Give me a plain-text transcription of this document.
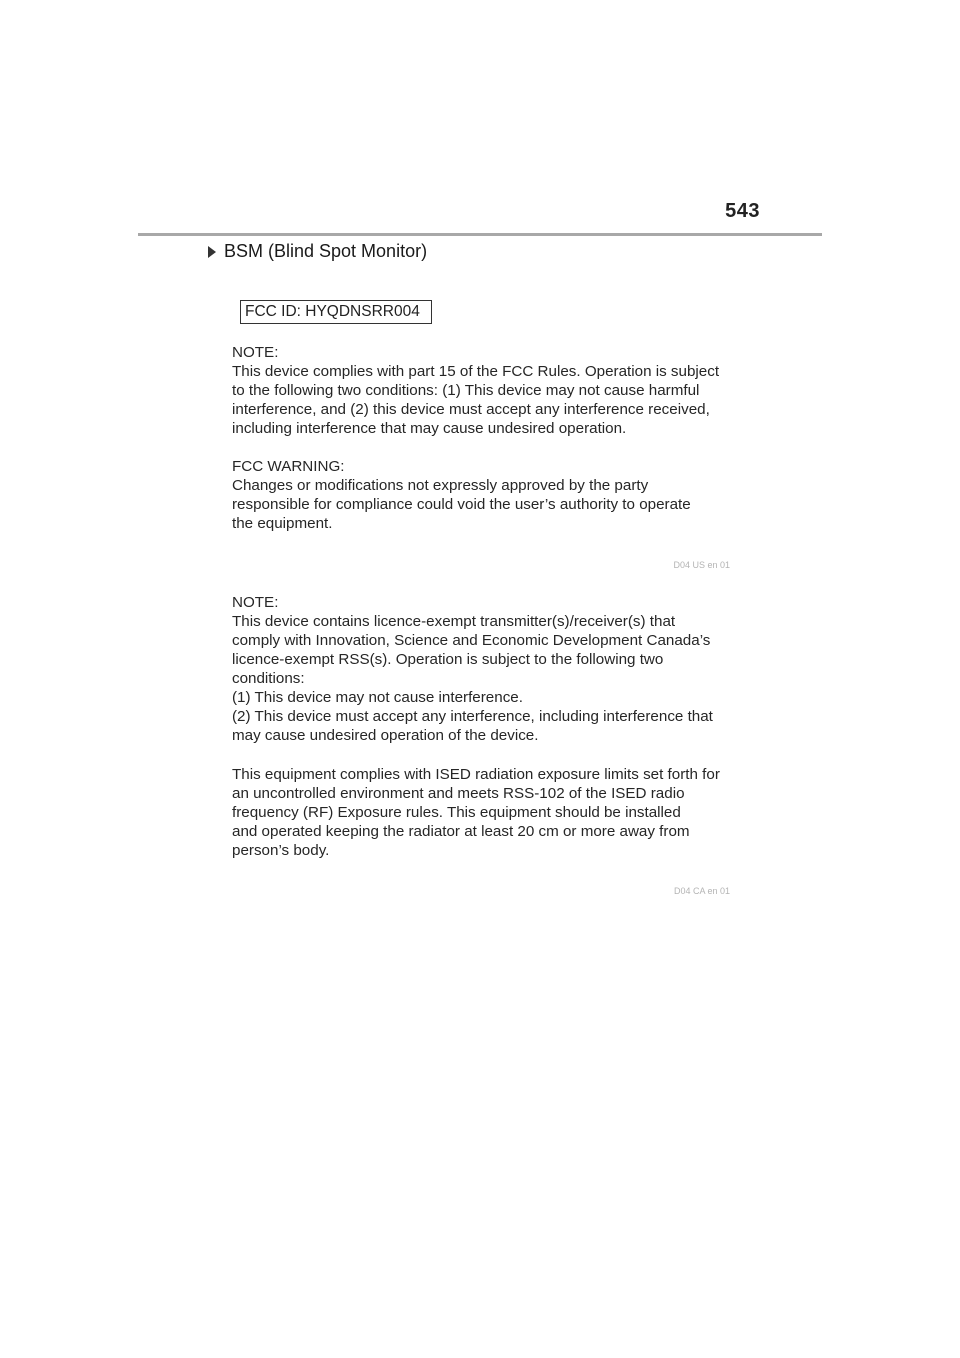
543
BSM (Blind Spot Monitor)
FCC ID: HYQDNSRR004
NOTE:
This device complies with part 15 of the FCC Rules. Operation is subject
to the following two conditions: (1) This device may not cause harmful
interference, and (2) this device must accept any interference received,
including interference that may cause undesired operation.
FCC WARNING:
Changes or modifications not expressly approved by the party
responsible for compliance could void the user’s authority to operate
the equipment.
D04 US en 01
NOTE:
This device contains licence-exempt transmitter(s)/receiver(s) that
comply with Innovation, Science and Economic Development Canada’s
licence-exempt RSS(s). Operation is subject to the following two
conditions:
(1) This device may not cause interference.
(2) This device must accept any interference, including interference that
may cause undesired operation of the device.
This equipment complies with ISED radiation exposure limits set forth for
an uncontrolled environment and meets RSS-102 of the ISED radio
frequency (RF) Exposure rules. This equipment should be installed
and operated keeping the radiator at least 20 cm or more away from
person’s body.
D04 CA en 01
